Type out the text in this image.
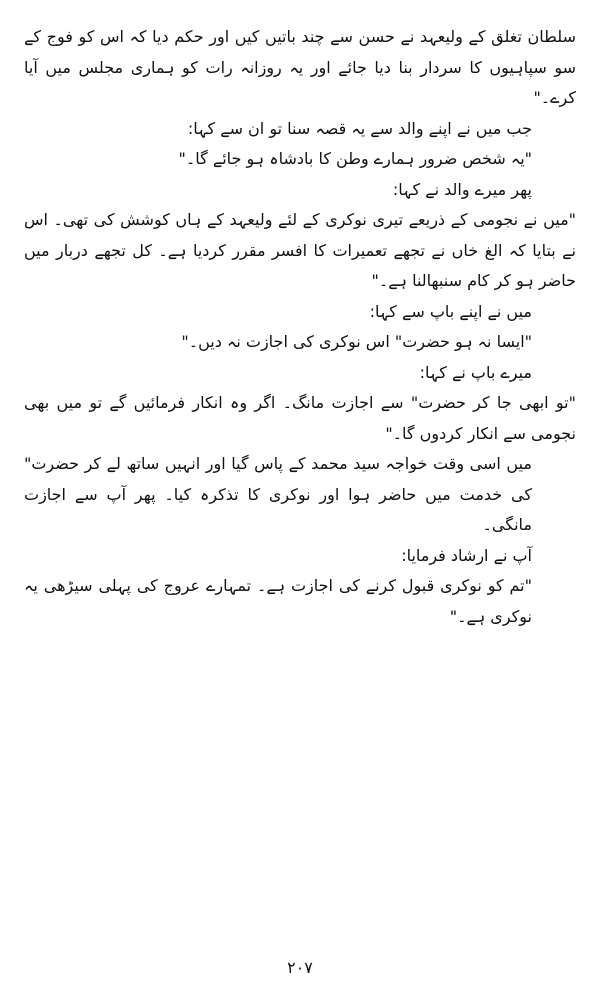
سلطان تغلق کے ولیعہد نے حسن سے چند باتیں کیں اور حکم دیا کہ اس کو فوج کے سو سپاہیوں کا سردار بنا دیا جائے اور یہ روزانہ رات کو ہماری مجلس میں آیا کرے۔"

جب میں نے اپنے والد سے یہ قصہ سنا تو ان سے کہا:

"یہ شخص ضرور ہمارے وطن کا بادشاہ ہو جائے گا۔"

پھر میرے والد نے کہا:

"میں نے نجومی کے ذریعے تیری نوکری کے لئے ولیعہد کے ہاں کوشش کی تھی۔ اس نے بتایا کہ الغ خاں نے تجھے تعمیرات کا افسر مقرر کردیا ہے۔ کل تجھے دربار میں حاضر ہو کر کام سنبھالنا ہے۔"

میں نے اپنے باپ سے کہا:

"ایسا نہ ہو حضرت" اس نوکری کی اجازت نہ دیں۔"

میرے باپ نے کہا:

"تو ابھی جا کر حضرت" سے اجازت مانگ۔ اگر وہ انکار فرمائیں گے تو میں بھی نجومی سے انکار کردوں گا۔"

میں اسی وقت خواجہ سید محمد کے پاس گیا اور انہیں ساتھ لے کر حضرت" کی خدمت میں حاضر ہوا اور نوکری کا تذکرہ کیا۔ پھر آپ سے اجازت مانگی۔

آپ نے ارشاد فرمایا:

"تم کو نوکری قبول کرنے کی اجازت ہے۔ تمہارے عروج کی پہلی سیڑھی یہ نوکری ہے۔"

۲۰۷
